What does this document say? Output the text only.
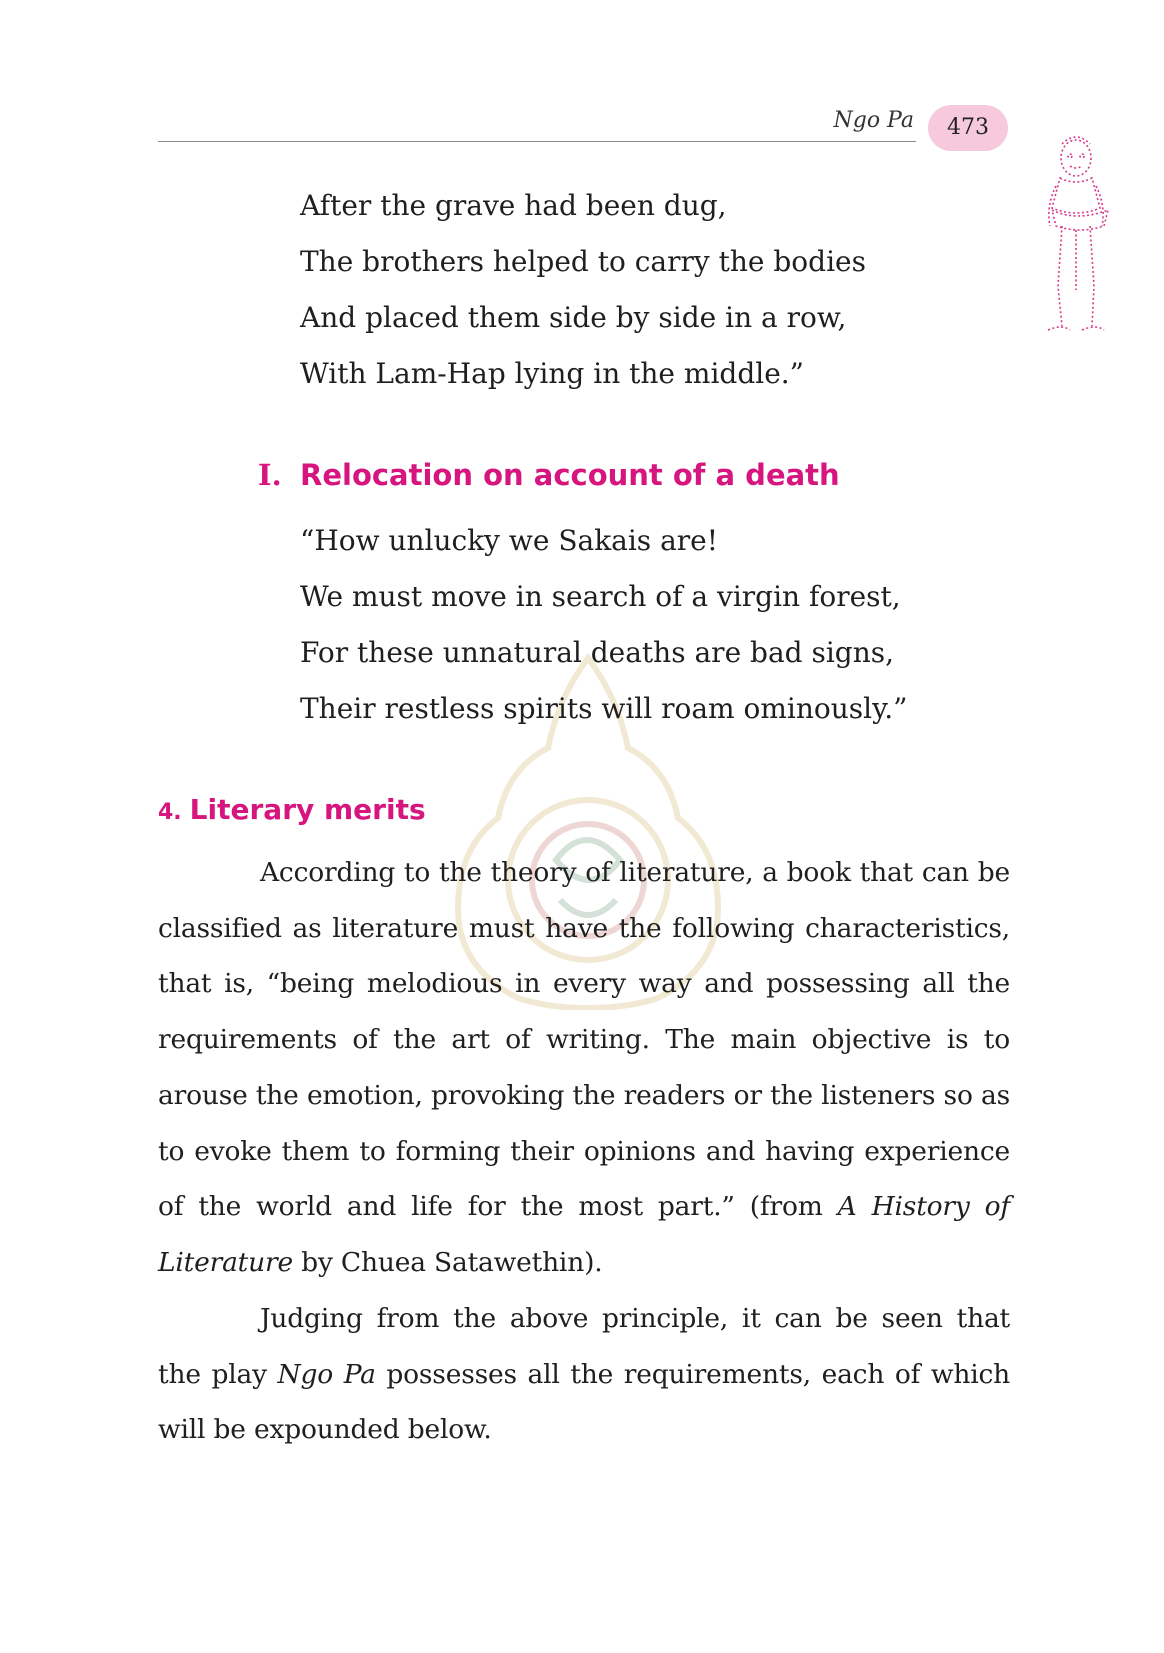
Ngo Pa	473
After the grave had been dug,
The brothers helped to carry the bodies
And placed them side by side in a row,
With Lam-Hap lying in the middle.”
I. Relocation on account of a death
“How unlucky we Sakais are!
We must move in search of a virgin forest,
For these unnatural deaths are bad signs,
Their restless spirits will roam ominously.”
4. Literary merits

According to the theory of literature, a book that can be classified as literature must have the following characteristics, that is, “being melodious in every way and possessing all the requirements of the art of writing. The main objective is to arouse the emotion, provoking the readers or the listeners so as to evoke them to forming their opinions and having experience of the world and life for the most part.” (from A History of Literature by Chuea Satawethin).

Judging from the above principle, it can be seen that the play Ngo Pa possesses all the requirements, each of which will be expounded below.
